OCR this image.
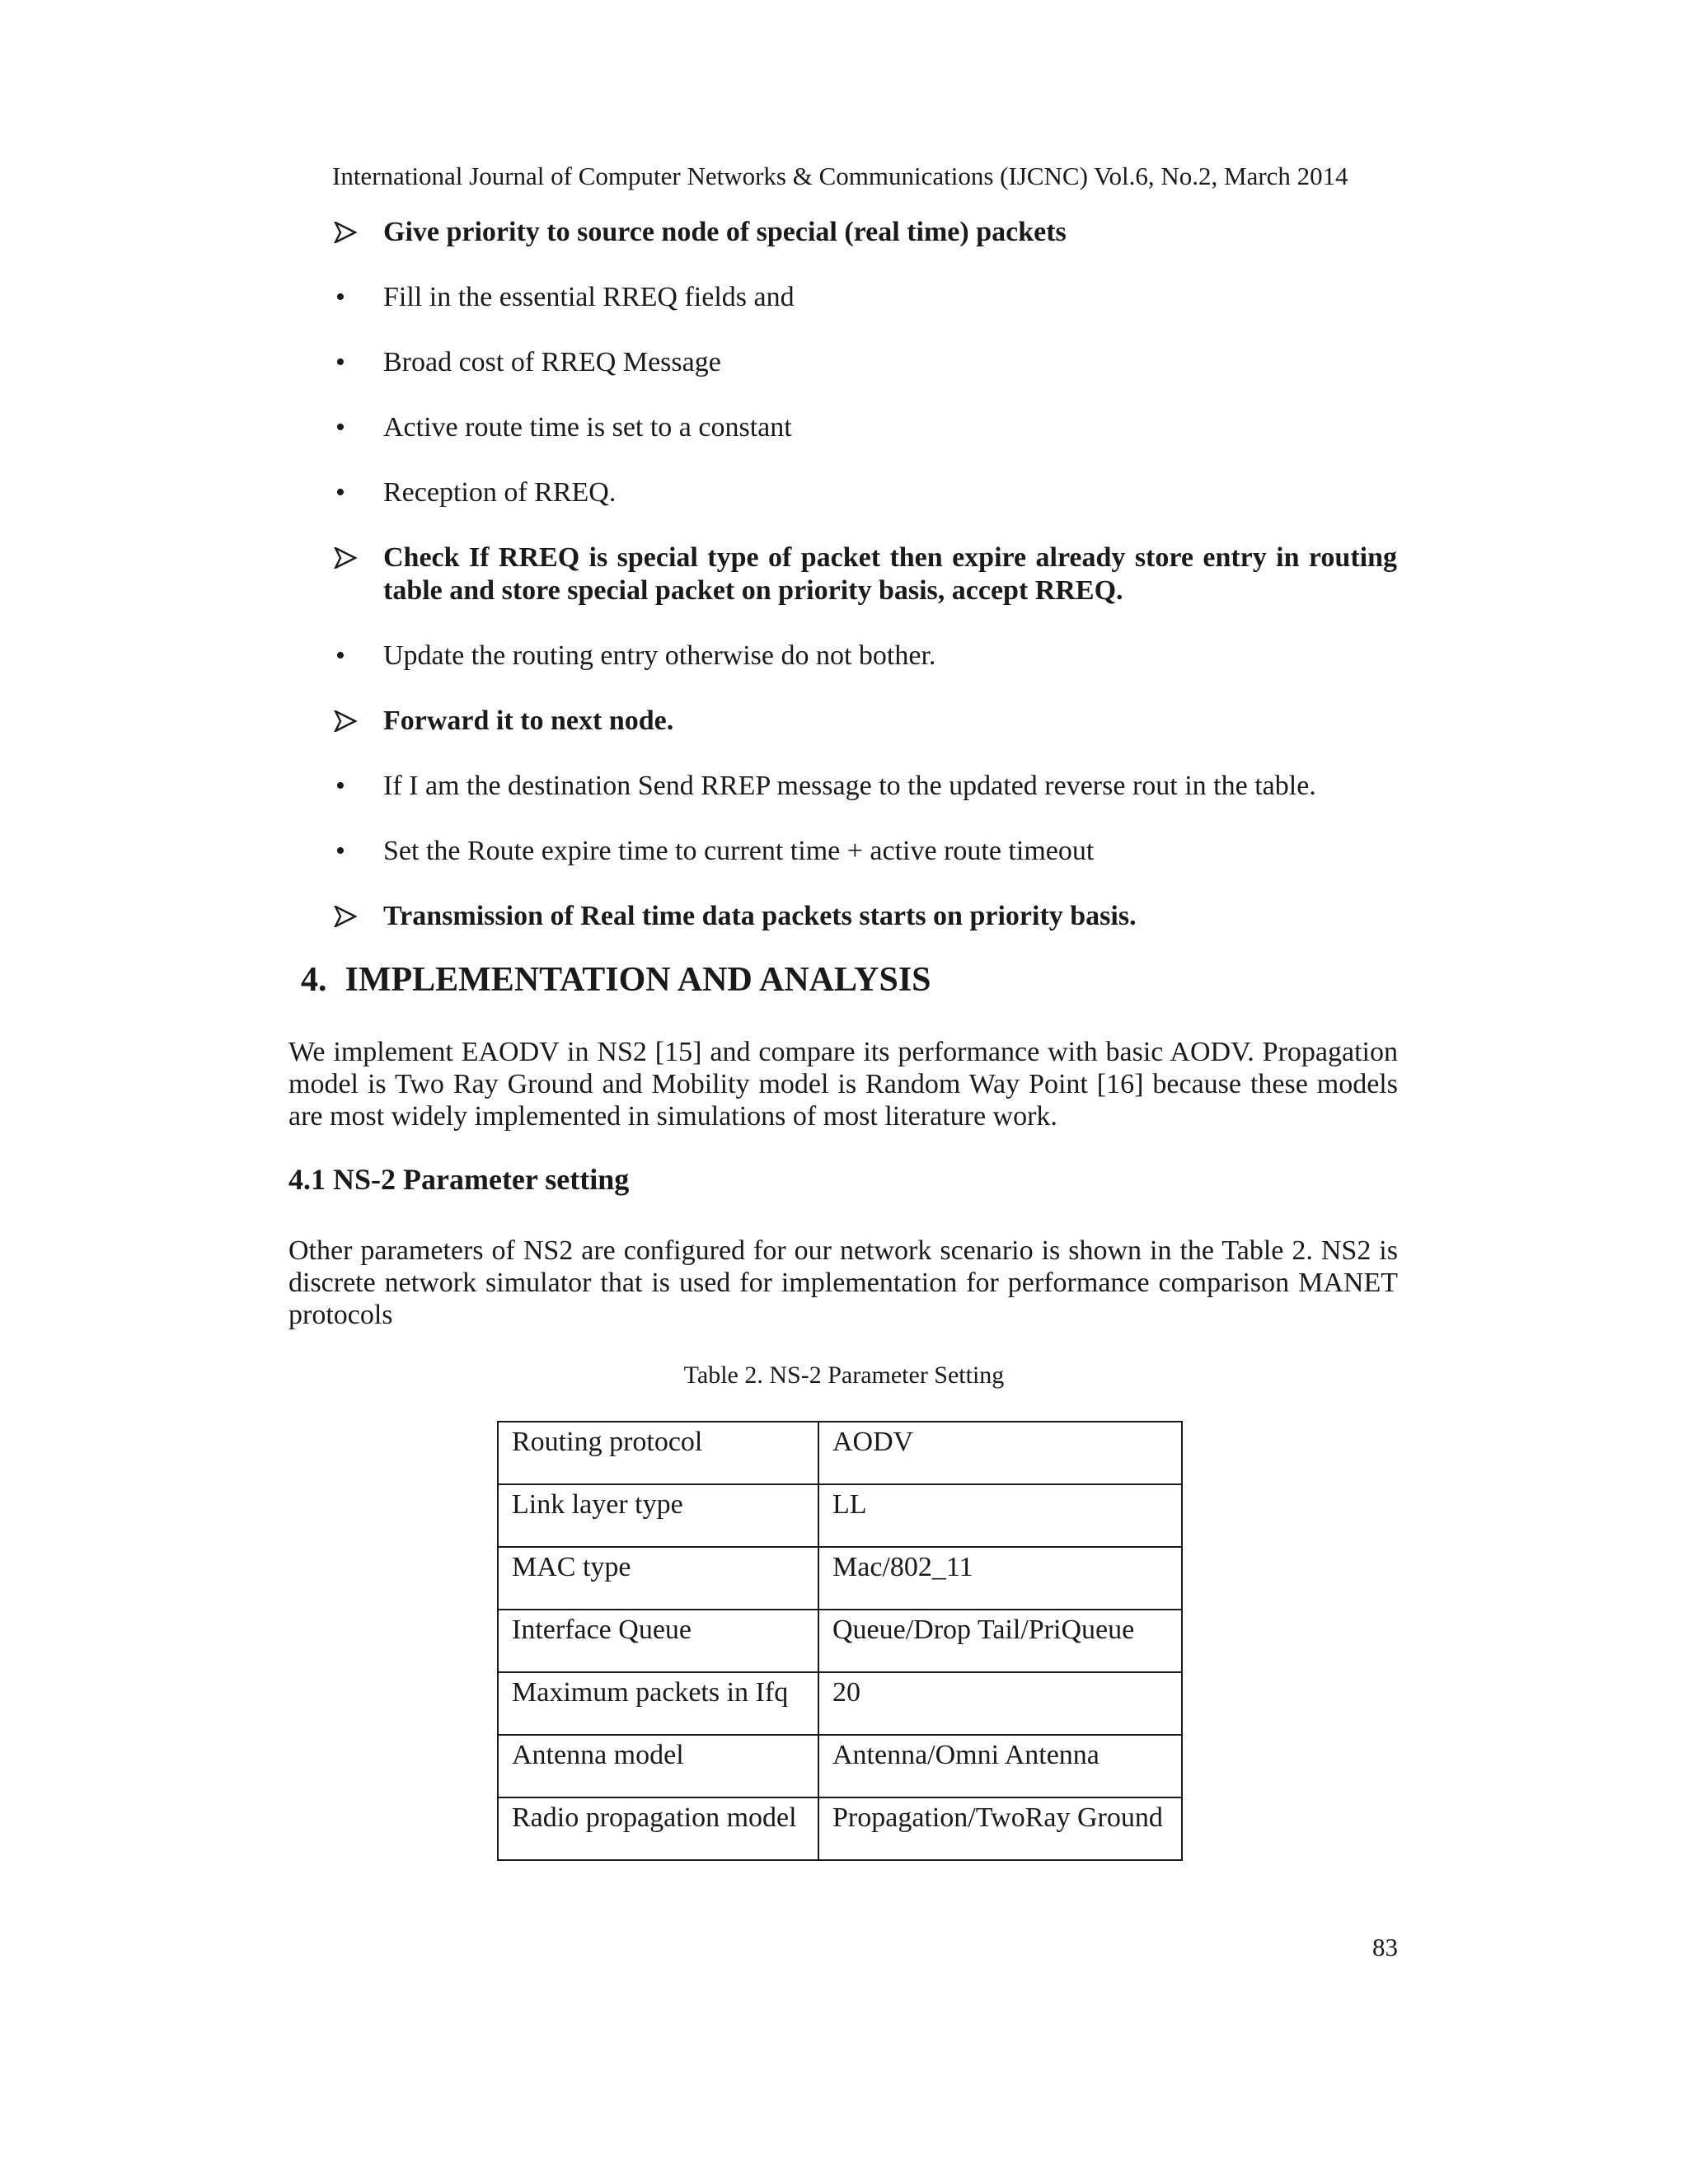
International Journal of Computer Networks & Communications (IJCNC) Vol.6, No.2, March 2014
Give priority to source node of special (real time) packets
•	Fill in the essential RREQ fields and
•	Broad cost of RREQ Message
•	Active route time is set to a constant
•	Reception of RREQ.
Check If RREQ is special type of packet then expire already store entry in routing table and store special packet on priority basis, accept RREQ.
•	Update the routing entry otherwise do not bother.
Forward it to next node.
•	If I am the destination Send RREP message to the updated reverse rout in the table.
•	Set the Route expire time to current time + active route timeout
Transmission of Real time data packets starts on priority basis.
4. IMPLEMENTATION AND ANALYSIS

We implement EAODV in NS2 [15] and compare its performance with basic AODV. Propagation model is Two Ray Ground and Mobility model is Random Way Point [16] because these models are most widely implemented in simulations of most literature work.

4.1 NS-2 Parameter setting

Other parameters of NS2 are configured for our network scenario is shown in the Table 2. NS2 is discrete network simulator that is used for implementation for performance comparison MANET protocols

Table 2. NS-2 Parameter Setting

Routing protocol	AODV
Link layer type	LL
MAC type	Mac/802_11
Interface Queue	Queue/Drop Tail/PriQueue
Maximum packets in Ifq	20
Antenna model	Antenna/Omni Antenna
Radio propagation model	Propagation/TwoRay Ground
83
